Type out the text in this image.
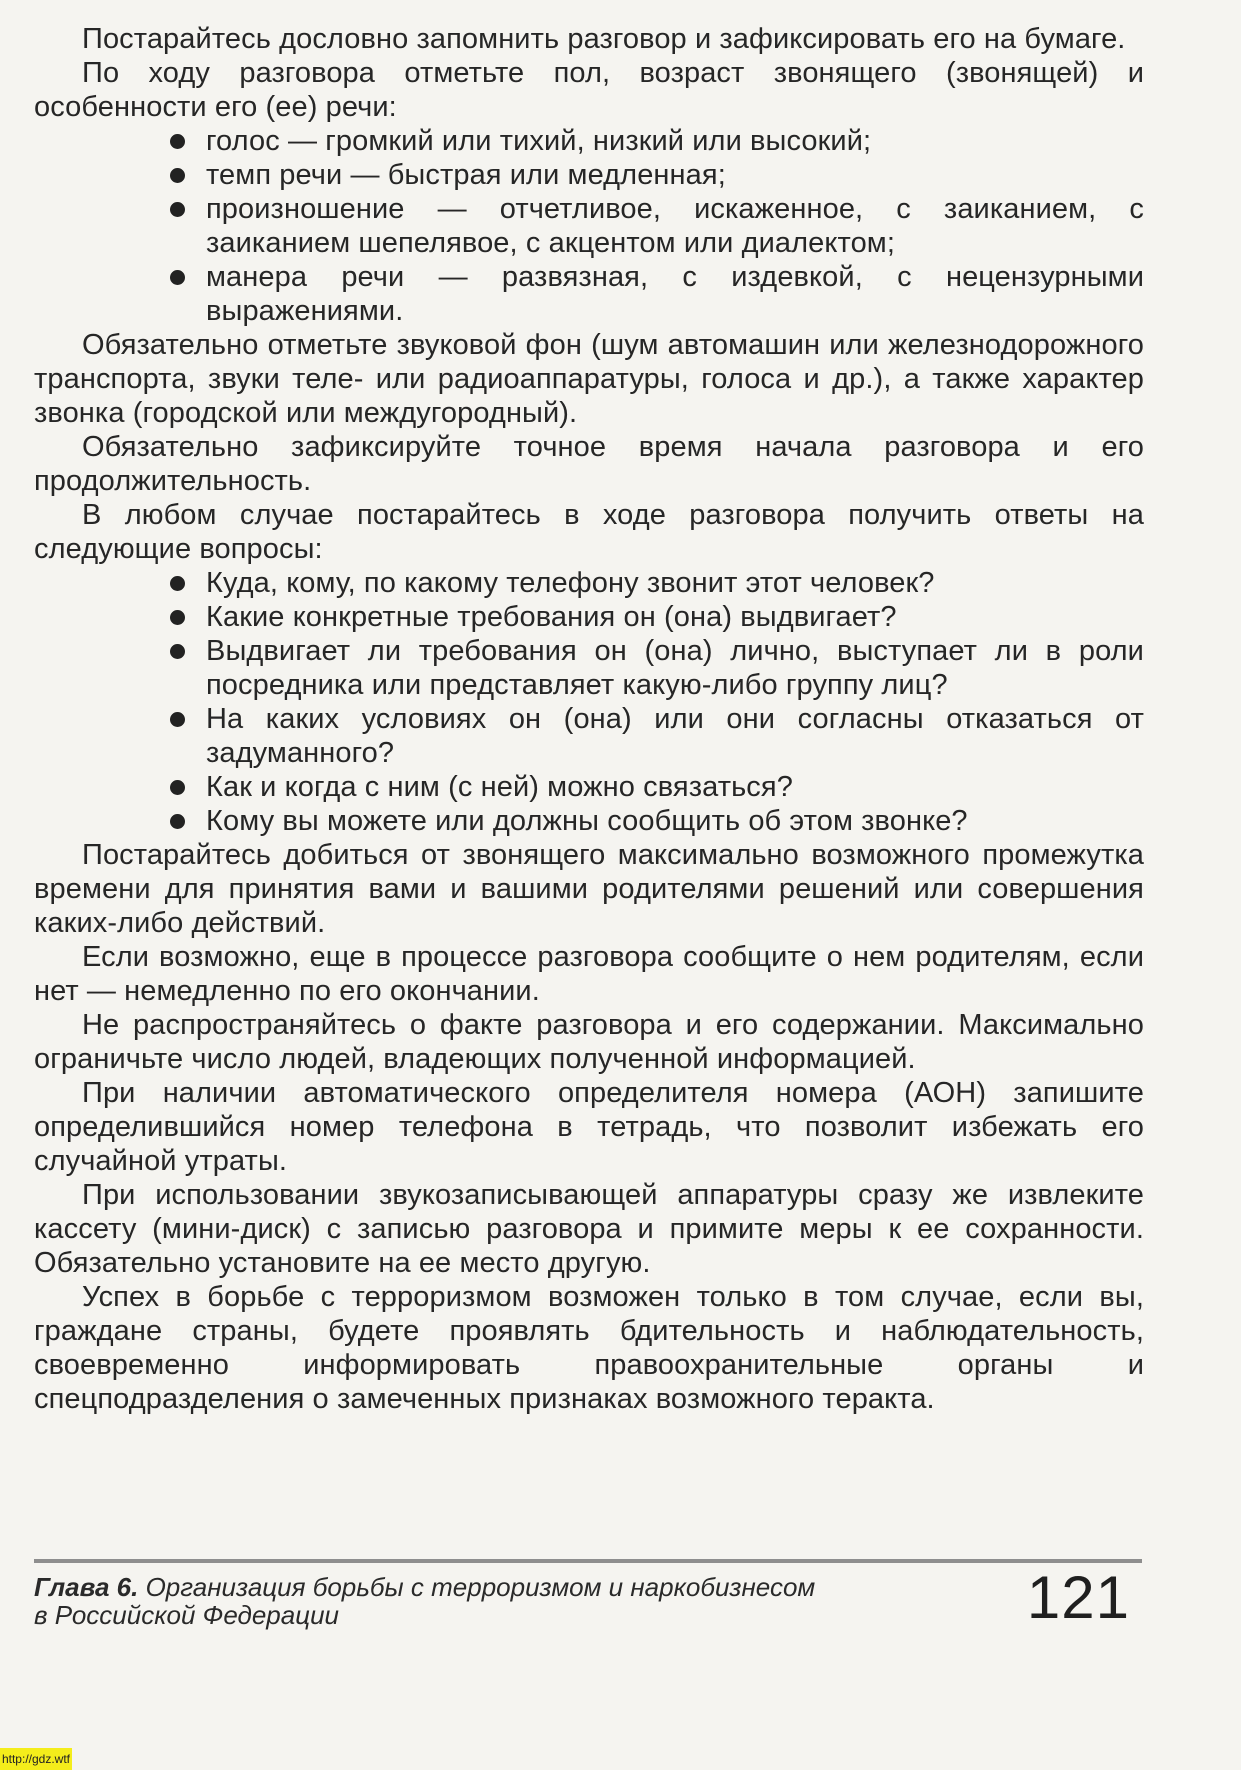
Постарайтесь дословно запомнить разговор и зафиксировать его на бумаге.

По ходу разговора отметьте пол, возраст звонящего (звонящей) и особенности его (ее) речи:

голос — громкий или тихий, низкий или высокий;
темп речи — быстрая или медленная;
произношение — отчетливое, искаженное, с заиканием, с заиканием шепелявое, с акцентом или диалектом;
манера речи — развязная, с издевкой, с нецензурными выражениями.

Обязательно отметьте звуковой фон (шум автомашин или железнодорожного транспорта, звуки теле- или радиоаппаратуры, голоса и др.), а также характер звонка (городской или междугородный).

Обязательно зафиксируйте точное время начала разговора и его продолжительность.

В любом случае постарайтесь в ходе разговора получить ответы на следующие вопросы:

Куда, кому, по какому телефону звонит этот человек?
Какие конкретные требования он (она) выдвигает?
Выдвигает ли требования он (она) лично, выступает ли в роли посредника или представляет какую-либо группу лиц?
На каких условиях он (она) или они согласны отказаться от задуманного?
Как и когда с ним (с ней) можно связаться?
Кому вы можете или должны сообщить об этом звонке?

Постарайтесь добиться от звонящего максимально возможного промежутка времени для принятия вами и вашими родителями решений или совершения каких-либо действий.

Если возможно, еще в процессе разговора сообщите о нем родителям, если нет — немедленно по его окончании.

Не распространяйтесь о факте разговора и его содержании. Максимально ограничьте число людей, владеющих полученной информацией.

При наличии автоматического определителя номера (АОН) запишите определившийся номер телефона в тетрадь, что позволит избежать его случайной утраты.

При использовании звукозаписывающей аппаратуры сразу же извлеките кассету (мини-диск) с записью разговора и примите меры к ее сохранности. Обязательно установите на ее место другую.

Успех в борьбе с терроризмом возможен только в том случае, если вы, граждане страны, будете проявлять бдительность и наблюдательность, своевременно информировать правоохранительные органы и спецподразделения о замеченных признаках возможного теракта.

Глава 6. Организация борьбы с терроризмом и наркобизнесом
в Российской Федерации	121
http://gdz.wtf
